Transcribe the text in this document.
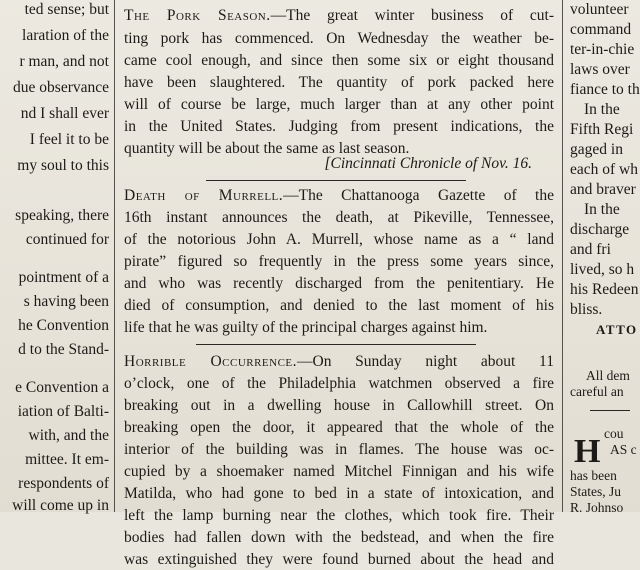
ted sense; but
laration of the
r man, and not
due observance
nd I shall ever
I feel it to be
my soul to this
speaking, there
continued for
pointment of a
s having been
he Convention
d to the Stand-
e Convention a
iation of Balti-
with, and the
mittee. It em-
respondents of
will come up in
The Pork Season.—The great winter business of cut-
ting pork has commenced. On Wednesday the weather be-
came cool enough, and since then some six or eight thousand
have been slaughtered. The quantity of pork packed here
will of course be large, much larger than at any other point
in the United States. Judging from present indications, the
quantity will be about the same as last season.
[Cincinnati Chronicle of Nov. 16.
Death of Murrell.—The Chattanooga Gazette of the
16th instant announces the death, at Pikeville, Tennessee,
of the notorious John A. Murrell, whose name as a “ land
pirate” figured so frequently in the press some years since,
and who was recently discharged from the penitentiary. He
died of consumption, and denied to the last moment of his
life that he was guilty of the principal charges against him.
Horrible Occurrence.—On Sunday night about 11
o’clock, one of the Philadelphia watchmen observed a fire
breaking out in a dwelling house in Callowhill street. On
breaking open the door, it appeared that the whole of the
interior of the building was in flames. The house was oc-
cupied by a shoemaker named Mitchel Finnigan and his wife
Matilda, who had gone to bed in a state of intoxication, and
left the lamp burning near the clothes, which took fire. Their
bodies had fallen down with the bedstead, and when the fire
was extinguished they were found burned about the head and
volunteer
command
ter-in-chie
laws over
fiance to th
In the
Fifth Regi
gaged in
each of wh
and braver
In the
discharge
and fri
lived, so h
his Redeen
bliss.
ATTO
All dem
careful an
H cou
AS c
has been
States, Ju
R. Johnso
